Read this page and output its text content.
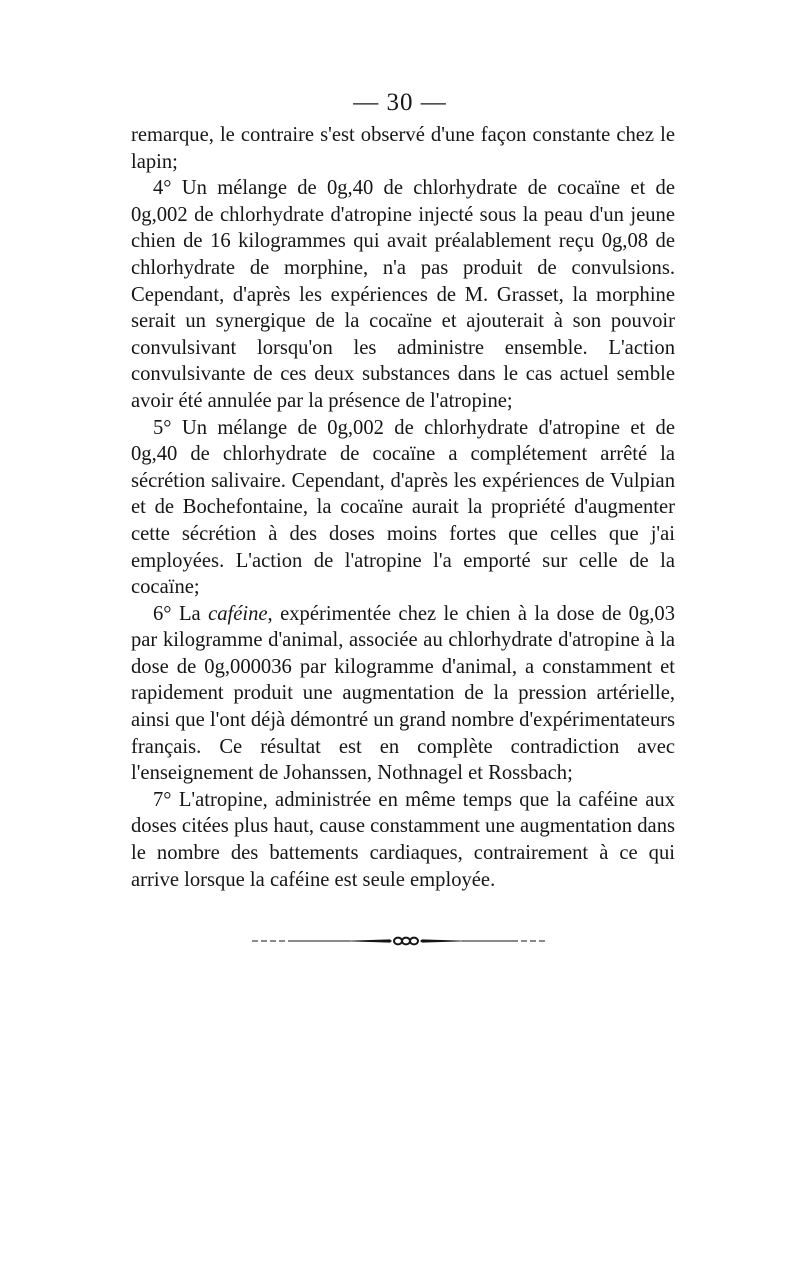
— 30 —

remarque, le contraire s'est observé d'une façon constante chez le lapin;

4° Un mélange de 0g,40 de chlorhydrate de cocaïne et de 0g,002 de chlorhydrate d'atropine injecté sous la peau d'un jeune chien de 16 kilogrammes qui avait préalablement reçu 0g,08 de chlorhydrate de morphine, n'a pas produit de convulsions. Cependant, d'après les expériences de M. Grasset, la morphine serait un synergique de la cocaïne et ajouterait à son pouvoir convulsivant lorsqu'on les administre ensemble. L'action convulsivante de ces deux substances dans le cas actuel semble avoir été annulée par la présence de l'atropine;

5° Un mélange de 0g,002 de chlorhydrate d'atropine et de 0g,40 de chlorhydrate de cocaïne a complétement arrêté la sécrétion salivaire. Cependant, d'après les expériences de Vulpian et de Bochefontaine, la cocaïne aurait la propriété d'augmenter cette sécrétion à des doses moins fortes que celles que j'ai employées. L'action de l'atropine l'a emporté sur celle de la cocaïne;

6° La caféine, expérimentée chez le chien à la dose de 0g,03 par kilogramme d'animal, associée au chlorhydrate d'atropine à la dose de 0g,000036 par kilogramme d'animal, a constamment et rapidement produit une augmentation de la pression artérielle, ainsi que l'ont déjà démontré un grand nombre d'expérimentateurs français. Ce résultat est en complète contradiction avec l'enseignement de Johanssen, Nothnagel et Rossbach;

7° L'atropine, administrée en même temps que la caféine aux doses citées plus haut, cause constamment une augmentation dans le nombre des battements cardiaques, contrairement à ce qui arrive lorsque la caféine est seule employée.
